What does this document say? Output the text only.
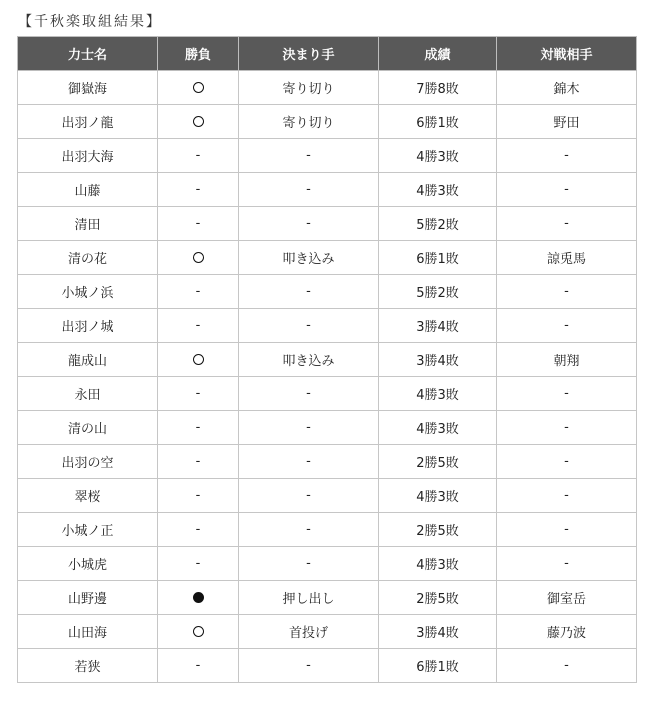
【千秋楽取組結果】
力士名	勝負	決まり手	成績	対戦相手
御嶽海		寄り切り	7勝8敗	錦木
出羽ノ龍		寄り切り	6勝1敗	野田
出羽大海	-	-	4勝3敗	-
山藤	-	-	4勝3敗	-
清田	-	-	5勝2敗	-
清の花		叩き込み	6勝1敗	諒兎馬
小城ノ浜	-	-	5勝2敗	-
出羽ノ城	-	-	3勝4敗	-
龍成山		叩き込み	3勝4敗	朝翔
永田	-	-	4勝3敗	-
清の山	-	-	4勝3敗	-
出羽の空	-	-	2勝5敗	-
翠桜	-	-	4勝3敗	-
小城ノ正	-	-	2勝5敗	-
小城虎	-	-	4勝3敗	-
山野邊		押し出し	2勝5敗	御室岳
山田海		首投げ	3勝4敗	藤乃波
若狭	-	-	6勝1敗	-
